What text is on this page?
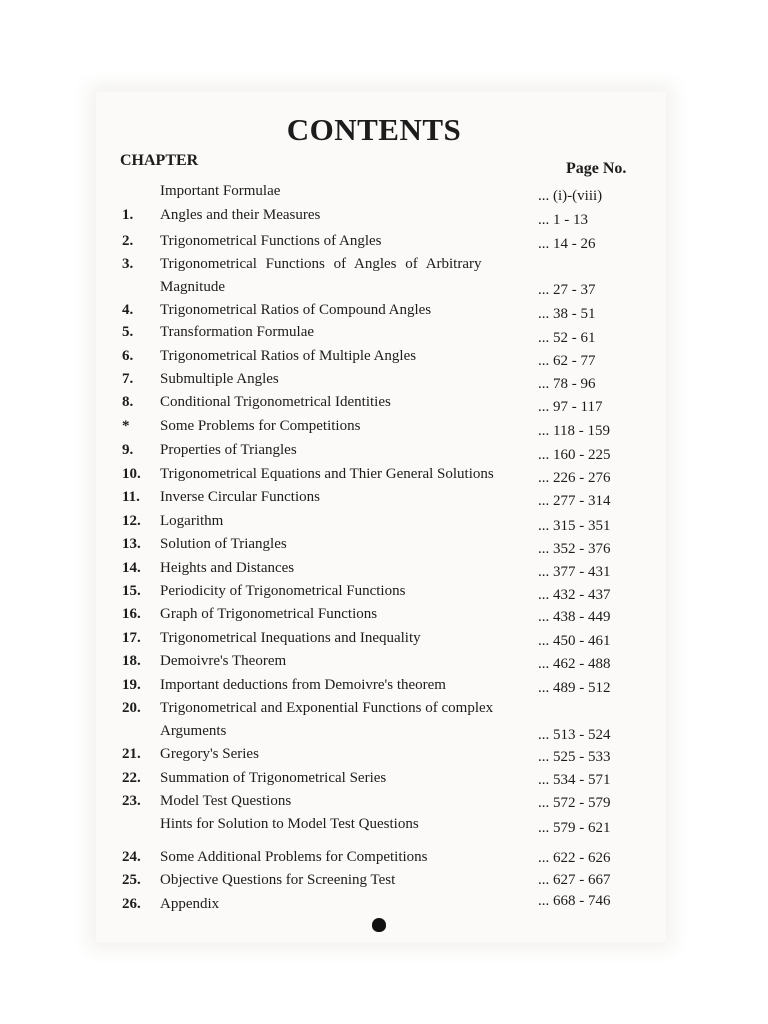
CONTENTS
CHAPTER	Page No.
Important Formulae	... (i)-(viii)
1. Angles and their Measures	... 1 - 13
2. Trigonometrical Functions of Angles	... 14 - 26
3. Trigonometrical Functions of Angles of Arbitrary
Magnitude	... 27 - 37
4. Trigonometrical Ratios of Compound Angles	... 38 - 51
5. Transformation Formulae	... 52 - 61
6. Trigonometrical Ratios of Multiple Angles	... 62 - 77
7. Submultiple Angles	... 78 - 96
8. Conditional Trigonometrical Identities	... 97 - 117
* Some Problems for Competitions	... 118 - 159
9. Properties of Triangles	... 160 - 225
10. Trigonometrical Equations and Thier General Solutions	... 226 - 276
11. Inverse Circular Functions	... 277 - 314
12. Logarithm	... 315 - 351
13. Solution of Triangles	... 352 - 376
14. Heights and Distances	... 377 - 431
15. Periodicity of Trigonometrical Functions	... 432 - 437
16. Graph of Trigonometrical Functions	... 438 - 449
17. Trigonometrical Inequations and Inequality	... 450 - 461
18. Demoivre's Theorem	... 462 - 488
19. Important deductions from Demoivre's theorem	... 489 - 512
20. Trigonometrical and Exponential Functions of complex
Arguments	... 513 - 524
21. Gregory's Series	... 525 - 533
22. Summation of Trigonometrical Series	... 534 - 571
23. Model Test Questions	... 572 - 579
Hints for Solution to Model Test Questions	... 579 - 621
24. Some Additional Problems for Competitions	... 622 - 626
25. Objective Questions for Screening Test	... 627 - 667
26. Appendix	... 668 - 746
